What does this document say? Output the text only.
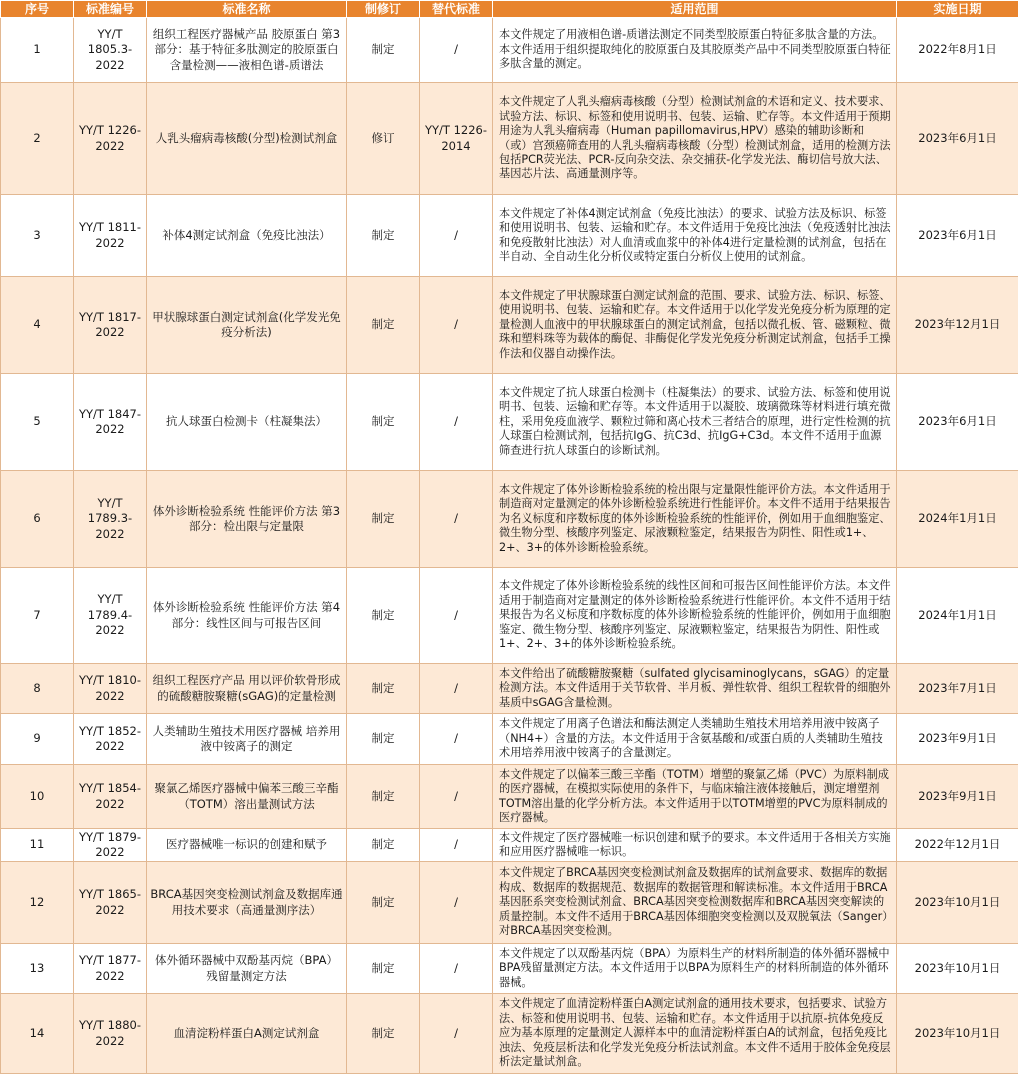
序号	标准编号	标准名称	制修订	替代标准	适用范围	实施日期
1	YY/T 1805.3-2022	组织工程医疗器械产品 胶原蛋白 第3部分：基于特征多肽测定的胶原蛋白含量检测——液相色谱-质谱法	制定	/	本文件规定了用液相色谱-质谱法测定不同类型胶原蛋白特征多肽含量的方法。本文件适用于组织提取纯化的胶原蛋白及其胶原类产品中不同类型胶原蛋白特征多肽含量的测定。	2022年8月1日
2	YY/T 1226-2022	人乳头瘤病毒核酸(分型)检测试剂盒	修订	YY/T 1226-2014	本文件规定了人乳头瘤病毒核酸（分型）检测试剂盒的术语和定义、技术要求、试验方法、标识、标签和使用说明书、包装、运输、贮存等。本文件适用于预期用途为人乳头瘤病毒（Human papillomavirus,HPV）感染的辅助诊断和（或）宫颈癌筛查用的人乳头瘤病毒核酸（分型）检测试剂盒，适用的检测方法包括PCR荧光法、PCR-反向杂交法、杂交捕获-化学发光法、酶切信号放大法、基因芯片法、高通量测序等。	2023年6月1日
3	YY/T 1811-2022	补体4测定试剂盒（免疫比浊法）	制定	/	本文件规定了补体4测定试剂盒（免疫比浊法）的要求、试验方法及标识、标签和使用说明书、包装、运输和贮存。本文件适用于免疫比浊法（免疫透射比浊法和免疫散射比浊法）对人血清或血浆中的补体4进行定量检测的试剂盒，包括在半自动、全自动生化分析仪或特定蛋白分析仪上使用的试剂盒。	2023年6月1日
4	YY/T 1817-2022	甲状腺球蛋白测定试剂盒(化学发光免疫分析法)	制定	/	本文件规定了甲状腺球蛋白测定试剂盒的范围、要求、试验方法、标识、标签、使用说明书、包装、运输和贮存。本文件适用于以化学发光免疫分析为原理的定量检测人血液中的甲状腺球蛋白的测定试剂盒，包括以微孔板、管、磁颗粒、微珠和塑料珠等为载体的酶促、非酶促化学发光免疫分析测定试剂盒，包括手工操作法和仪器自动操作法。	2023年12月1日
5	YY/T 1847-2022	抗人球蛋白检测卡（柱凝集法）	制定	/	本文件规定了抗人球蛋白检测卡（柱凝集法）的要求、试验方法、标签和使用说明书、包装、运输和贮存等。本文件适用于以凝胶、玻璃微珠等材料进行填充微柱，采用免疫血液学、颗粒过筛和离心技术三者结合的原理，进行定性检测的抗人球蛋白检测试剂，包括抗IgG、抗C3d、抗IgG+C3d。本文件不适用于血源筛查进行抗人球蛋白的诊断试剂。	2023年6月1日
6	YY/T 1789.3-2022	体外诊断检验系统 性能评价方法 第3部分：检出限与定量限	制定	/	本文件规定了体外诊断检验系统的检出限与定量限性能评价方法。本文件适用于制造商对定量测定的体外诊断检验系统进行性能评价。本文件不适用于结果报告为名义标度和序数标度的体外诊断检验系统的性能评价，例如用于血细胞鉴定、微生物分型、核酸序列鉴定、尿液颗粒鉴定，结果报告为阴性、阳性或1+、2+、3+的体外诊断检验系统。	2024年1月1日
7	YY/T 1789.4-2022	体外诊断检验系统 性能评价方法 第4部分：线性区间与可报告区间	制定	/	本文件规定了体外诊断检验系统的线性区间和可报告区间性能评价方法。本文件适用于制造商对定量测定的体外诊断检验系统进行性能评价。本文件不适用于结果报告为名义标度和序数标度的体外诊断检验系统的性能评价，例如用于血细胞鉴定、微生物分型、核酸序列鉴定、尿液颗粒鉴定，结果报告为阴性、阳性或1+、2+、3+的体外诊断检验系统。	2024年1月1日
8	YY/T 1810-2022	组织工程医疗产品 用以评价软骨形成的硫酸糖胺聚糖(sGAG)的定量检测	制定	/	本文件给出了硫酸糖胺聚糖（sulfated glycisaminoglycans，sGAG）的定量检测方法。本文件适用于关节软骨、半月板、弹性软骨、组织工程软骨的细胞外基质中sGAG含量检测。	2023年7月1日
9	YY/T 1852-2022	人类辅助生殖技术用医疗器械 培养用液中铵离子的测定	制定	/	本文件规定了用离子色谱法和酶法测定人类辅助生殖技术用培养用液中铵离子（NH4+）含量的方法。本文件适用于含氨基酸和/或蛋白质的人类辅助生殖技术用培养用液中铵离子的含量测定。	2023年9月1日
10	YY/T 1854-2022	聚氯乙烯医疗器械中偏苯三酸三辛酯（TOTM）溶出量测试方法	制定	/	本文件规定了以偏苯三酸三辛酯（TOTM）增塑的聚氯乙烯（PVC）为原料制成的医疗器械，在模拟实际使用的条件下，与临床输注液体接触后，测定增塑剂TOTM溶出量的化学分析方法。本文件适用于以TOTM增塑的PVC为原料制成的医疗器械。	2023年9月1日
11	YY/T 1879-2022	医疗器械唯一标识的创建和赋予	制定	/	本文件规定了医疗器械唯一标识创建和赋予的要求。本文件适用于各相关方实施和应用医疗器械唯一标识。	2022年12月1日
12	YY/T 1865-2022	BRCA基因突变检测试剂盒及数据库通用技术要求（高通量测序法）	制定	/	本文件规定了BRCA基因突变检测试剂盒及数据库的试剂盒要求、数据库的数据构成、数据库的数据规范、数据库的数据管理和解读标准。本文件适用于BRCA基因胚系突变检测试剂盒、BRCA基因突变检测数据库和BRCA基因突变解读的质量控制。本文件不适用于BRCA基因体细胞突变检测以及双脱氧法（Sanger）对BRCA基因突变检测。	2023年10月1日
13	YY/T 1877-2022	体外循环器械中双酚基丙烷（BPA）残留量测定方法	制定	/	本文件规定了以双酚基丙烷（BPA）为原料生产的材料所制造的体外循环器械中BPA残留量测定方法。本文件适用于以BPA为原料生产的材料所制造的体外循环器械。	2023年10月1日
14	YY/T 1880-2022	血清淀粉样蛋白A测定试剂盒	制定	/	本文件规定了血清淀粉样蛋白A测定试剂盒的通用技术要求，包括要求、试验方法、标签和使用说明书、包装、运输和贮存。本文件适用于以抗原-抗体免疫反应为基本原理的定量测定人源样本中的血清淀粉样蛋白A的试剂盒，包括免疫比浊法、免疫层析法和化学发光免疫分析法试剂盒。本文件不适用于胶体金免疫层析法定量试剂盒。	2023年10月1日
